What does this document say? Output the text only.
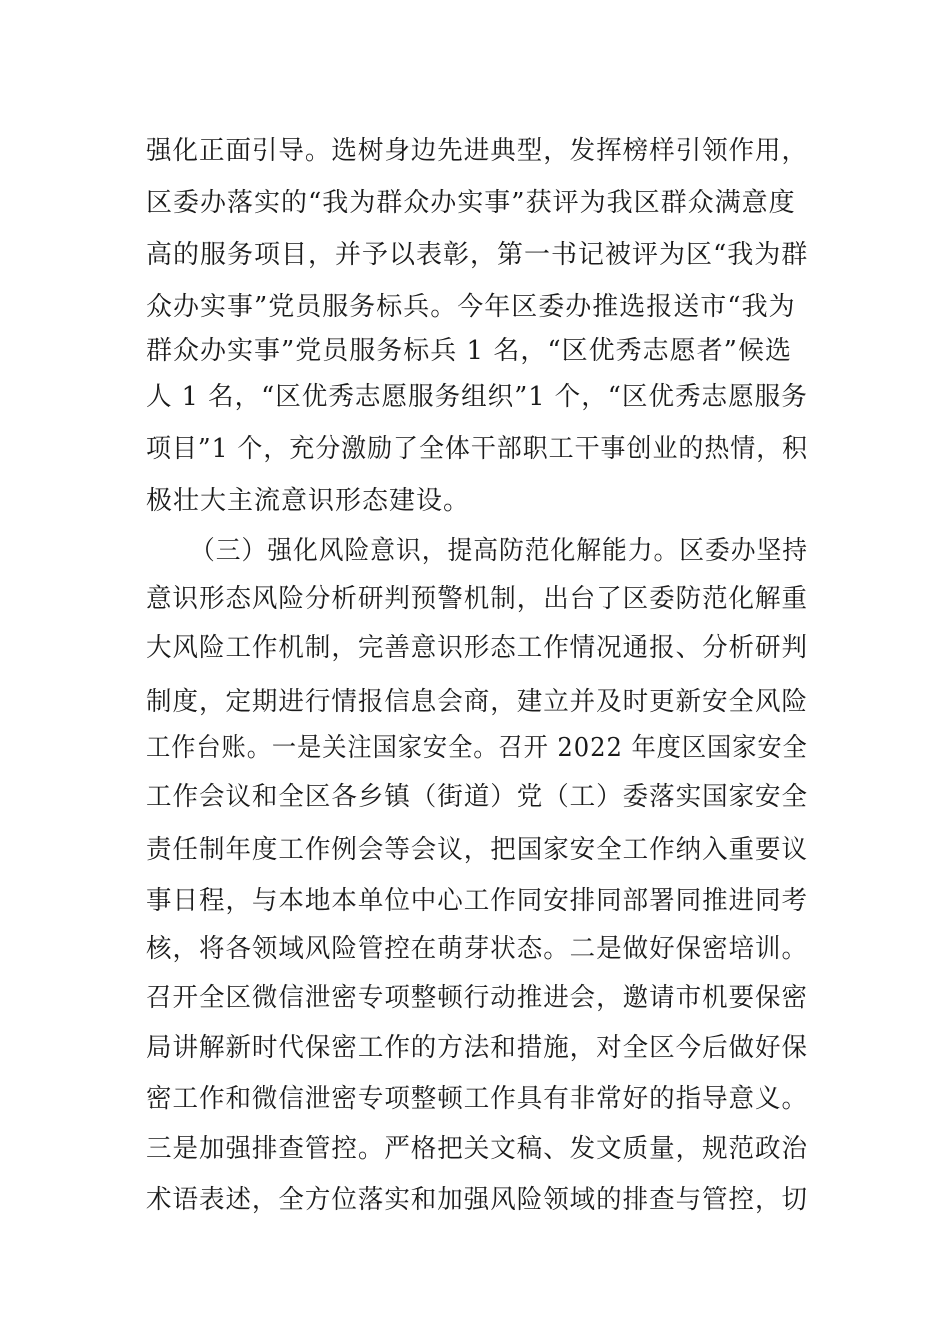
强化正面引导。选树身边先进典型，发挥榜样引领作用，
区委办落实的“我为群众办实事”获评为我区群众满意度
高的服务项目，并予以表彰，第一书记被评为区“我为群
众办实事”党员服务标兵。今年区委办推选报送市“我为
群众办实事”党员服务标兵 1 名，“区优秀志愿者”候选
人 1 名，“区优秀志愿服务组织”1 个，“区优秀志愿服务
项目”1 个，充分激励了全体干部职工干事创业的热情，积
极壮大主流意识形态建设。
（三）强化风险意识，提高防范化解能力。区委办坚持
意识形态风险分析研判预警机制，出台了区委防范化解重
大风险工作机制，完善意识形态工作情况通报、分析研判
制度，定期进行情报信息会商，建立并及时更新安全风险
工作台账。一是关注国家安全。召开 2022 年度区国家安全
工作会议和全区各乡镇（街道）党（工）委落实国家安全
责任制年度工作例会等会议，把国家安全工作纳入重要议
事日程，与本地本单位中心工作同安排同部署同推进同考
核，将各领域风险管控在萌芽状态。二是做好保密培训。
召开全区微信泄密专项整顿行动推进会，邀请市机要保密
局讲解新时代保密工作的方法和措施，对全区今后做好保
密工作和微信泄密专项整顿工作具有非常好的指导意义。
三是加强排查管控。严格把关文稿、发文质量，规范政治
术语表述，全方位落实和加强风险领域的排查与管控，切
